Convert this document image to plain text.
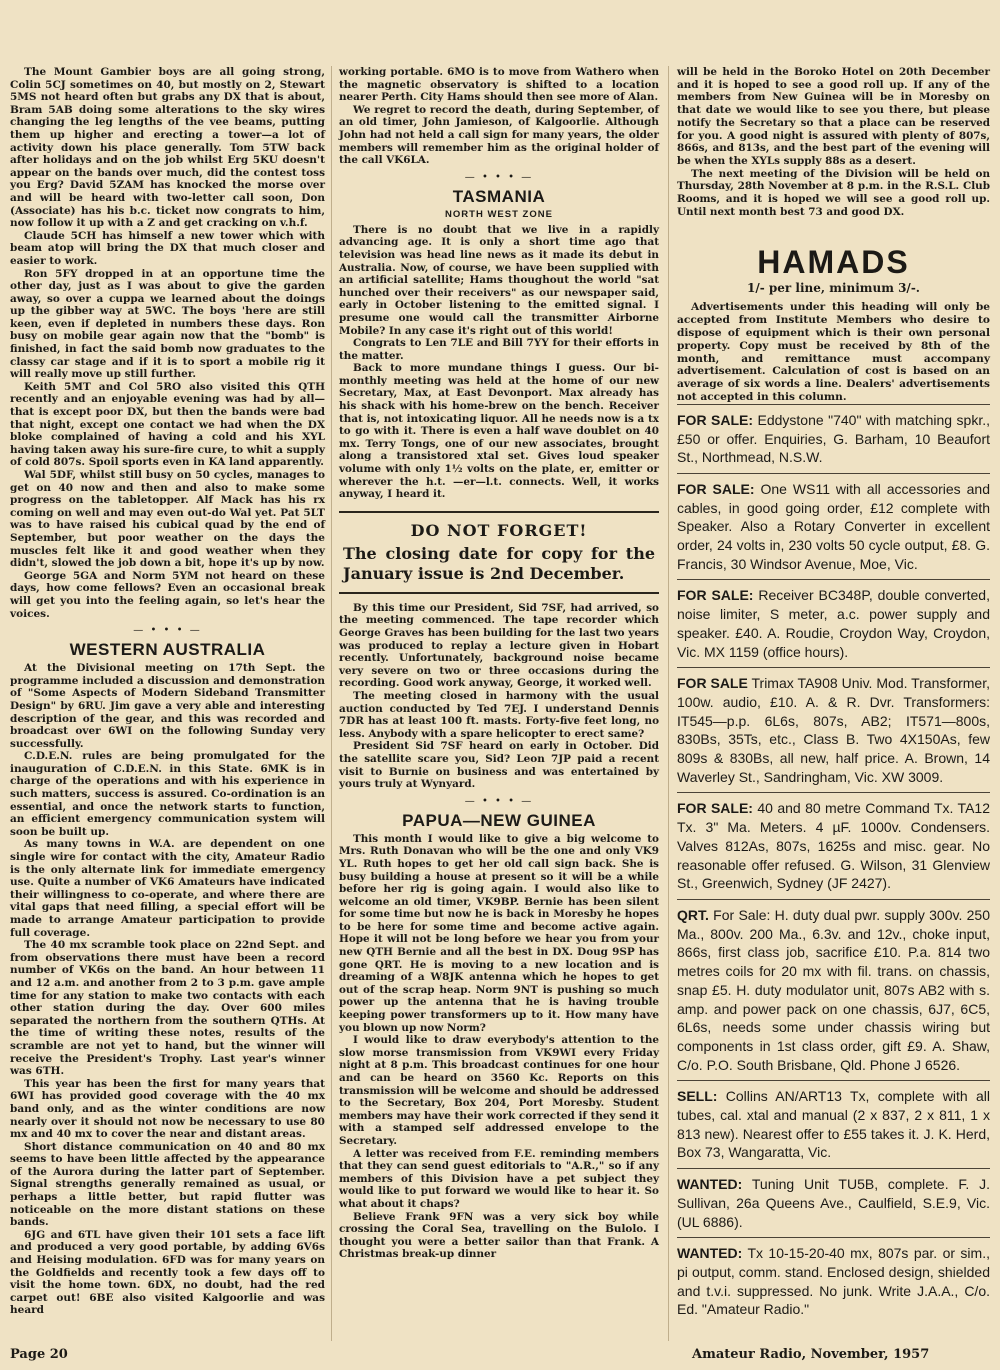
The Mount Gambier boys are all going strong, Colin 5CJ sometimes on 40, but mostly on 2, Stewart 5MS not heard often but grabs any DX that is about, Bram 5AB doing some alterations to the sky wires changing the leg lengths of the vee beams, putting them up higher and erecting a tower—a lot of activity down his place generally. Tom 5TW back after holidays and on the job whilst Erg 5KU doesn't appear on the bands over much, did the contest toss you Erg? David 5ZAM has knocked the morse over and will be heard with two-letter call soon, Don (Associate) has his b.c. ticket now congrats to him, now follow it up with a Z and get cracking on v.h.f.

Claude 5CH has himself a new tower which with beam atop will bring the DX that much closer and easier to work.

Ron 5FY dropped in at an opportune time the other day, just as I was about to give the garden away, so over a cuppa we learned about the doings up the gibber way at 5WC. The boys 'here are still keen, even if depleted in numbers these days. Ron busy on mobile gear again now that the "bomb" is finished, in fact the said bomb now graduates to the classy car stage and if it is to sport a mobile rig it will really move up still further.

Keith 5MT and Col 5RO also visited this QTH recently and an enjoyable evening was had by all—that is except poor DX, but then the bands were bad that night, except one contact we had when the DX bloke complained of having a cold and his XYL having taken away his sure-fire cure, to whit a supply of cold 807s. Spoil sports even in KA land apparently.

Wal 5DF, whilst still busy on 50 cycles, manages to get on 40 now and then and also to make some progress on the tabletopper. Alf Mack has his rx coming on well and may even out-do Wal yet. Pat 5LT was to have raised his cubical quad by the end of September, but poor weather on the days the muscles felt like it and good weather when they didn't, slowed the job down a bit, hope it's up by now.

George 5GA and Norm 5YM not heard on these days, how come fellows? Even an occasional break will get you into the feeling again, so let's hear the voices.

— • •
WESTERN AUSTRALIA

At the Divisional meeting on 17th Sept. the programme included a discussion and demonstration of "Some Aspects of Modern Sideband Transmitter Design" by 6RU. Jim gave a very able and interesting description of the gear, and this was recorded and broadcast over 6WI on the following Sunday very successfully.

C.D.E.N. rules are being promulgated for the inauguration of C.D.E.N. in this State. 6MK is in charge of the operations and with his experience in such matters, success is assured. Co-ordination is an essential, and once the network starts to function, an efficient emergency communication system will soon be built up.

As many towns in W.A. are dependent on one single wire for contact with the city, Amateur Radio is the only alternate link for immediate emergency use. Quite a number of VK6 Amateurs have indicated their willingness to co-operate, and where there are vital gaps that need filling, a special effort will be made to arrange Amateur participation to provide full coverage.

The 40 mx scramble took place on 22nd Sept. and from observations there must have been a record number of VK6s on the band. An hour between 11 and 12 a.m. and another from 2 to 3 p.m. gave ample time for any station to make two contacts with each other station during the day. Over 600 miles separated the northern from the southern QTHs. At the time of writing these notes, results of the scramble are not yet to hand, but the winner will receive the President's Trophy. Last year's winner was 6TH.

This year has been the first for many years that 6WI has provided good coverage with the 40 mx band only, and as the winter conditions are now nearly over it should not now be necessary to use 80 mx and 40 mx to cover the near and distant areas.

Short distance communication on 40 and 80 mx seems to have been little affected by the appearance of the Aurora during the latter part of September. Signal strengths generally remained as usual, or perhaps a little better, but rapid flutter was noticeable on the more distant stations on these bands.

6JG and 6TL have given their 101 sets a face lift and produced a very good portable, by adding 6V6s and Heising modulation. 6FD was for many years on the Goldfields and recently took a few days off to visit the home town. 6DX, no doubt, had the red carpet out! 6BE also visited Kalgoorlie and was heard

working portable. 6MO is to move from Wathero when the magnetic observatory is shifted to a location nearer Perth. City Hams should then see more of Alan.

We regret to record the death, during September, of an old timer, John Jamieson, of Kalgoorlie. Although John had not held a call sign for many years, the older members will remember him as the original holder of the call VK6LA.

— • •
TASMANIA
NORTH WEST ZONE

There is no doubt that we live in a rapidly advancing age. It is only a short time ago that television was head line news as it made its debut in Australia. Now, of course, we have been supplied with an artificial satellite; Hams thoughout the world "sat hunched over their receivers" as our newspaper said, early in October listening to the emitted signal. I presume one would call the transmitter Airborne Mobile? In any case it's right out of this world!

Congrats to Len 7LE and Bill 7YY for their efforts in the matter.

Back to more mundane things I guess. Our bi-monthly meeting was held at the home of our new Secretary, Max, at East Devonport. Max already has his shack with his home-brew on the bench. Receiver that is, not intoxicating liquor. All he needs now is a tx to go with it. There is even a half wave doublet on 40 mx. Terry Tongs, one of our new associates, brought along a transistored xtal set. Gives loud speaker volume with only 1½ volts on the plate, er, emitter or wherever the h.t. —er—l.t. connects. Well, it works anyway, I heard it.

DO NOT FORGET!
The closing date for copy for the January issue is 2nd December.

By this time our President, Sid 7SF, had arrived, so the meeting commenced. The tape recorder which George Graves has been building for the last two years was produced to replay a lecture given in Hobart recently. Unfortunately, background noise became very severe on two or three occasions during the recording. Good work anyway, George, it worked well.

The meeting closed in harmony with the usual auction conducted by Ted 7EJ. I understand Dennis 7DR has at least 100 ft. masts. Forty-five feet long, no less. Anybody with a spare helicopter to erect same?

President Sid 7SF heard on early in October. Did the satellite scare you, Sid? Leon 7JP paid a recent visit to Burnie on business and was entertained by yours truly at Wynyard.

— • •
PAPUA—NEW GUINEA

This month I would like to give a big welcome to Mrs. Ruth Donavan who will be the one and only VK9 YL. Ruth hopes to get her old call sign back. She is busy building a house at present so it will be a while before her rig is going again. I would also like to welcome an old timer, VK9BP. Bernie has been silent for some time but now he is back in Moresby he hopes to be here for some time and become active again. Hope it will not be long before we hear you from your new QTH Bernie and all the best in DX. Doug 9SP has gone QRT. He is moving to a new location and is dreaming of a W8JK antenna which he hopes to get out of the scrap heap. Norm 9NT is pushing so much power up the antenna that he is having trouble keeping power transformers up to it. How many have you blown up now Norm?

I would like to draw everybody's attention to the slow morse transmission from VK9WI every Friday night at 8 p.m. This broadcast continues for one hour and can be heard on 3560 Kc. Reports on this transmission will be welcome and should be addressed to the Secretary, Box 204, Port Moresby. Student members may have their work corrected if they send it with a stamped self addressed envelope to the Secretary.

A letter was received from F.E. reminding members that they can send guest editorials to "A.R.," so if any members of this Division have a pet subject they would like to put forward we would like to hear it. So what about it chaps?

Believe Frank 9FN was a very sick boy while crossing the Coral Sea, travelling on the Bulolo. I thought you were a better sailor than that Frank. A Christmas break-up dinner

will be held in the Boroko Hotel on 20th December and it is hoped to see a good roll up. If any of the members from New Guinea will be in Moresby on that date we would like to see you there, but please notify the Secretary so that a place can be reserved for you. A good night is assured with plenty of 807s, 866s, and 813s, and the best part of the evening will be when the XYLs supply 88s as a desert.

The next meeting of the Division will be held on Thursday, 28th November at 8 p.m. in the R.S.L. Club Rooms, and it is hoped we will see a good roll up. Until next month best 73 and good DX.

HAMADS
1/- per line, minimum 3/-.

Advertisements under this heading will only be accepted from Institute Members who desire to dispose of equipment which is their own personal property. Copy must be received by 8th of the month, and remittance must accompany advertisement. Calculation of cost is based on an average of six words a line. Dealers' advertisements not accepted in this column.

FOR SALE: Eddystone "740" with matching spkr., £50 or offer. Enquiries, G. Barham, 10 Beaufort St., Northmead, N.S.W.
FOR SALE: One WS11 with all accessories and cables, in good going order, £12 complete with Speaker. Also a Rotary Converter in excellent order, 24 volts in, 230 volts 50 cycle output, £8. G. Francis, 30 Windsor Avenue, Moe, Vic.
FOR SALE: Receiver BC348P, double converted, noise limiter, S meter, a.c. power supply and speaker. £40. A. Roudie, Croydon Way, Croydon, Vic. MX 1159 (office hours).
FOR SALE Trimax TA908 Univ. Mod. Transformer, 100w. audio, £10. A. & R. Dvr. Transformers: IT545—p.p. 6L6s, 807s, AB2; IT571—800s, 830Bs, 35Ts, etc., Class B. Two 4X150As, few 809s & 830Bs, all new, half price. A. Brown, 14 Waverley St., Sandringham, Vic. XW 3009.
FOR SALE: 40 and 80 metre Command Tx. TA12 Tx. 3" Ma. Meters. 4 µF. 1000v. Condensers. Valves 812As, 807s, 1625s and misc. gear. No reasonable offer refused. G. Wilson, 31 Glenview St., Greenwich, Sydney (JF 2427).
QRT. For Sale: H. duty dual pwr. supply 300v. 250 Ma., 800v. 200 Ma., 6.3v. and 12v., choke input, 866s, first class job, sacrifice £10. P.a. 814 two metres coils for 20 mx with fil. trans. on chassis, snap £5. H. duty modulator unit, 807s AB2 with s. amp. and power pack on one chassis, 6J7, 6C5, 6L6s, needs some under chassis wiring but components in 1st class order, gift £9. A. Shaw, C/o. P.O. South Brisbane, Qld. Phone J 6526.
SELL: Collins AN/ART13 Tx, complete with all tubes, cal. xtal and manual (2 x 837, 2 x 811, 1 x 813 new). Nearest offer to £55 takes it. J. K. Herd, Box 73, Wangaratta, Vic.
WANTED: Tuning Unit TU5B, complete. F. J. Sullivan, 26a Queens Ave., Caulfield, S.E.9, Vic. (UL 6886).
WANTED: Tx 10-15-20-40 mx, 807s par. or sim., pi output, comm. stand. Enclosed design, shielded and t.v.i. suppressed. No junk. Write J.A.A., C/o. Ed. "Amateur Radio."
Page 20	Amateur Radio, November, 1957
